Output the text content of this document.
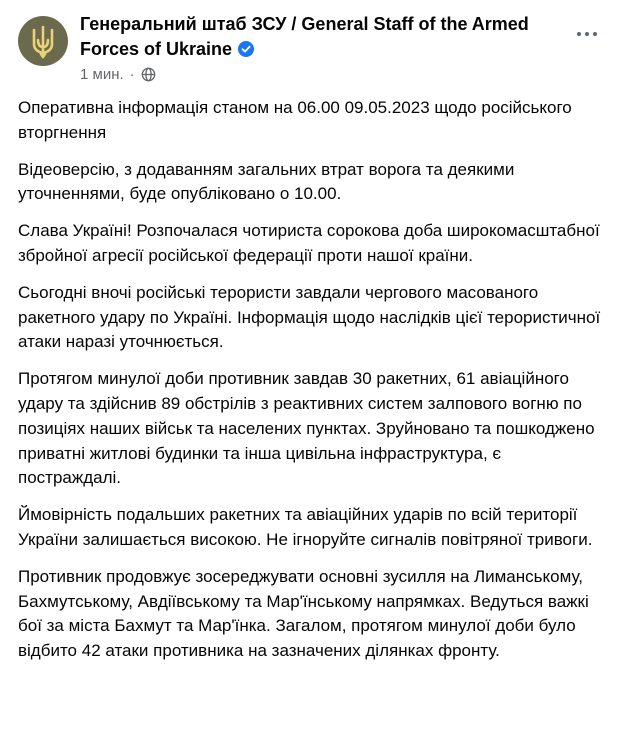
Генеральний штаб ЗСУ / General Staff of the Armed Forces of Ukraine
1 мин. ·

Оперативна інформація станом на 06.00 09.05.2023 щодо російського вторгнення

Відеоверсію, з додаванням загальних втрат ворога та деякими уточненнями, буде опубліковано о 10.00.

Слава Україні! Розпочалася чотириста сорокова доба широкомасштабної збройної агресії російської федерації проти нашої країни.

Сьогодні вночі російські терористи завдали чергового масованого ракетного удару по Україні. Інформація щодо наслідків цієї терористичної атаки наразі уточнюється.

Протягом минулої доби противник завдав 30 ракетних, 61 авіаційного удару та здійснив 89 обстрілів з реактивних систем залпового вогню по позиціях наших військ та населених пунктах. Зруйновано та пошкоджено приватні житлові будинки та інша цивільна інфраструктура, є постраждалі.

Ймовірність подальших ракетних та авіаційних ударів по всій території України залишається високою. Не ігноруйте сигналів повітряної тривоги.

Противник продовжує зосереджувати основні зусилля на Лиманському, Бахмутському, Авдіївському та Мар'їнському напрямках. Ведуться важкі бої за міста Бахмут та Мар'їнка. Загалом, протягом минулої доби було відбито 42 атаки противника на зазначених ділянках фронту.
